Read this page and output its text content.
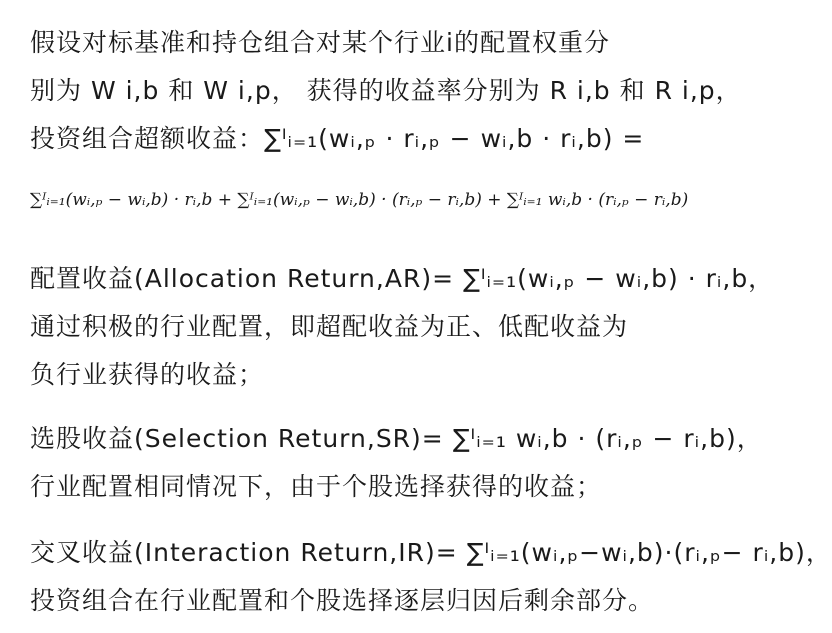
假设对标基准和持仓组合对某个行业i的配置权重分
别为 W i,b 和 W i,p， 获得的收益率分别为 R i,b 和 R i,p，
投资组合超额收益：∑ᴵᵢ₌₁(wᵢ,ₚ · rᵢ,ₚ − wᵢ,b · rᵢ,b) =
∑ᴵᵢ₌₁(wᵢ,ₚ − wᵢ,b) · rᵢ,b + ∑ᴵᵢ₌₁(wᵢ,ₚ − wᵢ,b) · (rᵢ,ₚ − rᵢ,b) + ∑ᴵᵢ₌₁ wᵢ,b · (rᵢ,ₚ − rᵢ,b)
配置收益(Allocation Return,AR)= ∑ᴵᵢ₌₁(wᵢ,ₚ − wᵢ,b) · rᵢ,b，
通过积极的行业配置，即超配收益为正、低配收益为
负行业获得的收益；
选股收益(Selection Return,SR)= ∑ᴵᵢ₌₁ wᵢ,b · (rᵢ,ₚ − rᵢ,b)，
行业配置相同情况下，由于个股选择获得的收益；
交叉收益(Interaction Return,IR)= ∑ᴵᵢ₌₁(wᵢ,ₚ−wᵢ,b)·(rᵢ,ₚ− rᵢ,b)，
投资组合在行业配置和个股选择逐层归因后剩余部分。
